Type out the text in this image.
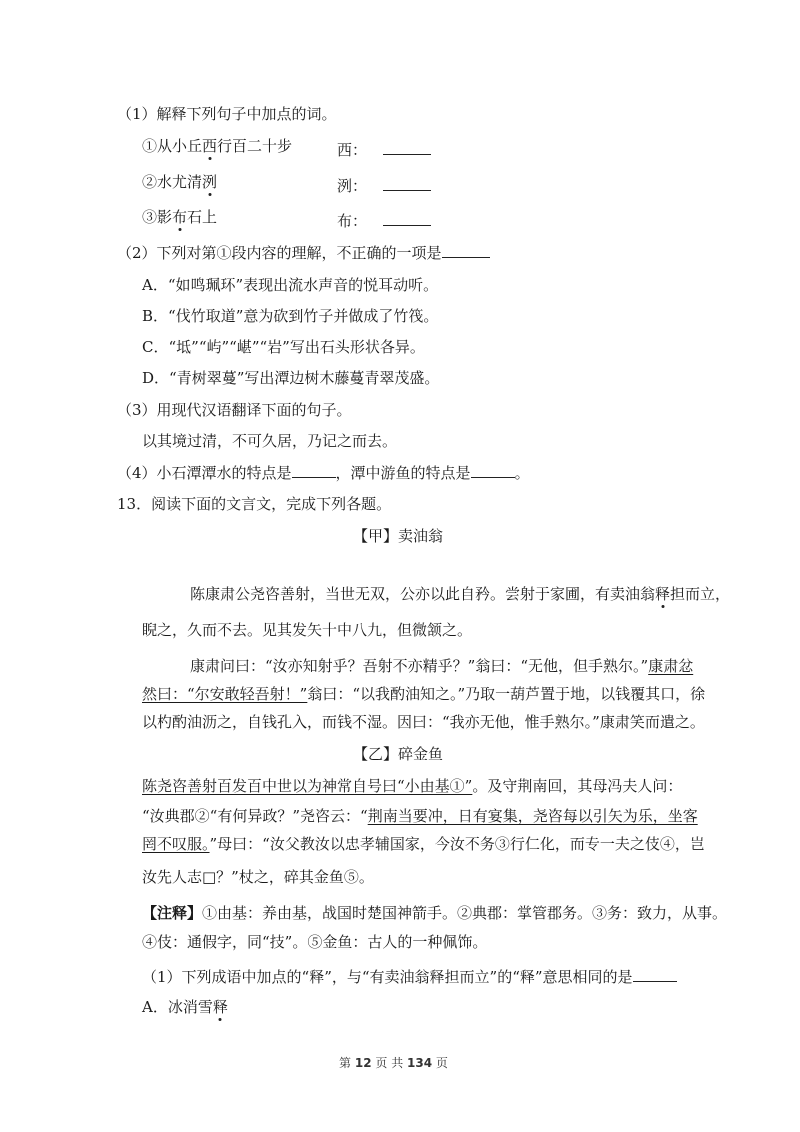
（1）解释下列句子中加点的词。
①从小丘西行百二十步	西：
②水尤清洌	洌：
③影布石上	布：
（2）下列对第①段内容的理解，不正确的一项是
A．“如鸣珮环”表现出流水声音的悦耳动听。
B．“伐竹取道”意为砍到竹子并做成了竹筏。
C．“坻”“屿”“嵁”“岩”写出石头形状各异。
D．“青树翠蔓”写出潭边树木藤蔓青翠茂盛。
（3）用现代汉语翻译下面的句子。
以其境过清，不可久居，乃记之而去。
（4）小石潭潭水的特点是	，潭中游鱼的特点是	。
13．阅读下面的文言文，完成下列各题。
【甲】卖油翁
陈康肃公尧咨善射，当世无双，公亦以此自矜。尝射于家圃，有卖油翁释担而立，
睨之，久而不去。见其发矢十中八九，但微颔之。
康肃问曰：“汝亦知射乎？吾射不亦精乎？”翁曰：“无他，但手熟尔。”康肃忿
然曰：“尔安敢轻吾射！”翁曰：“以我酌油知之。”乃取一葫芦置于地，以钱覆其口，徐
以杓酌油沥之，自钱孔入，而钱不湿。因曰：“我亦无他，惟手熟尔。”康肃笑而遣之。
【乙】碎金鱼
陈尧咨善射百发百中世以为神常自号曰“小由基①”。及守荆南回，其母冯夫人问：
“汝典郡②“有何异政？”尧咨云：“荆南当要冲，日有宴集，尧咨每以引矢为乐，坐客
罔不叹服。”母曰：“汝父教汝以忠孝辅国家，今汝不务③行仁化，而专一夫之伎④，岂
汝先人志□？”杖之，碎其金鱼⑤。
【注释】①由基：养由基，战国时楚国神箭手。②典郡：掌管郡务。③务：致力，从事。
④伎：通假字，同“技”。⑤金鱼：古人的一种佩饰。
（1）下列成语中加点的“释”，与“有卖油翁释担而立”的“释”意思相同的是
A．冰消雪释
第 12 页 共 134 页
